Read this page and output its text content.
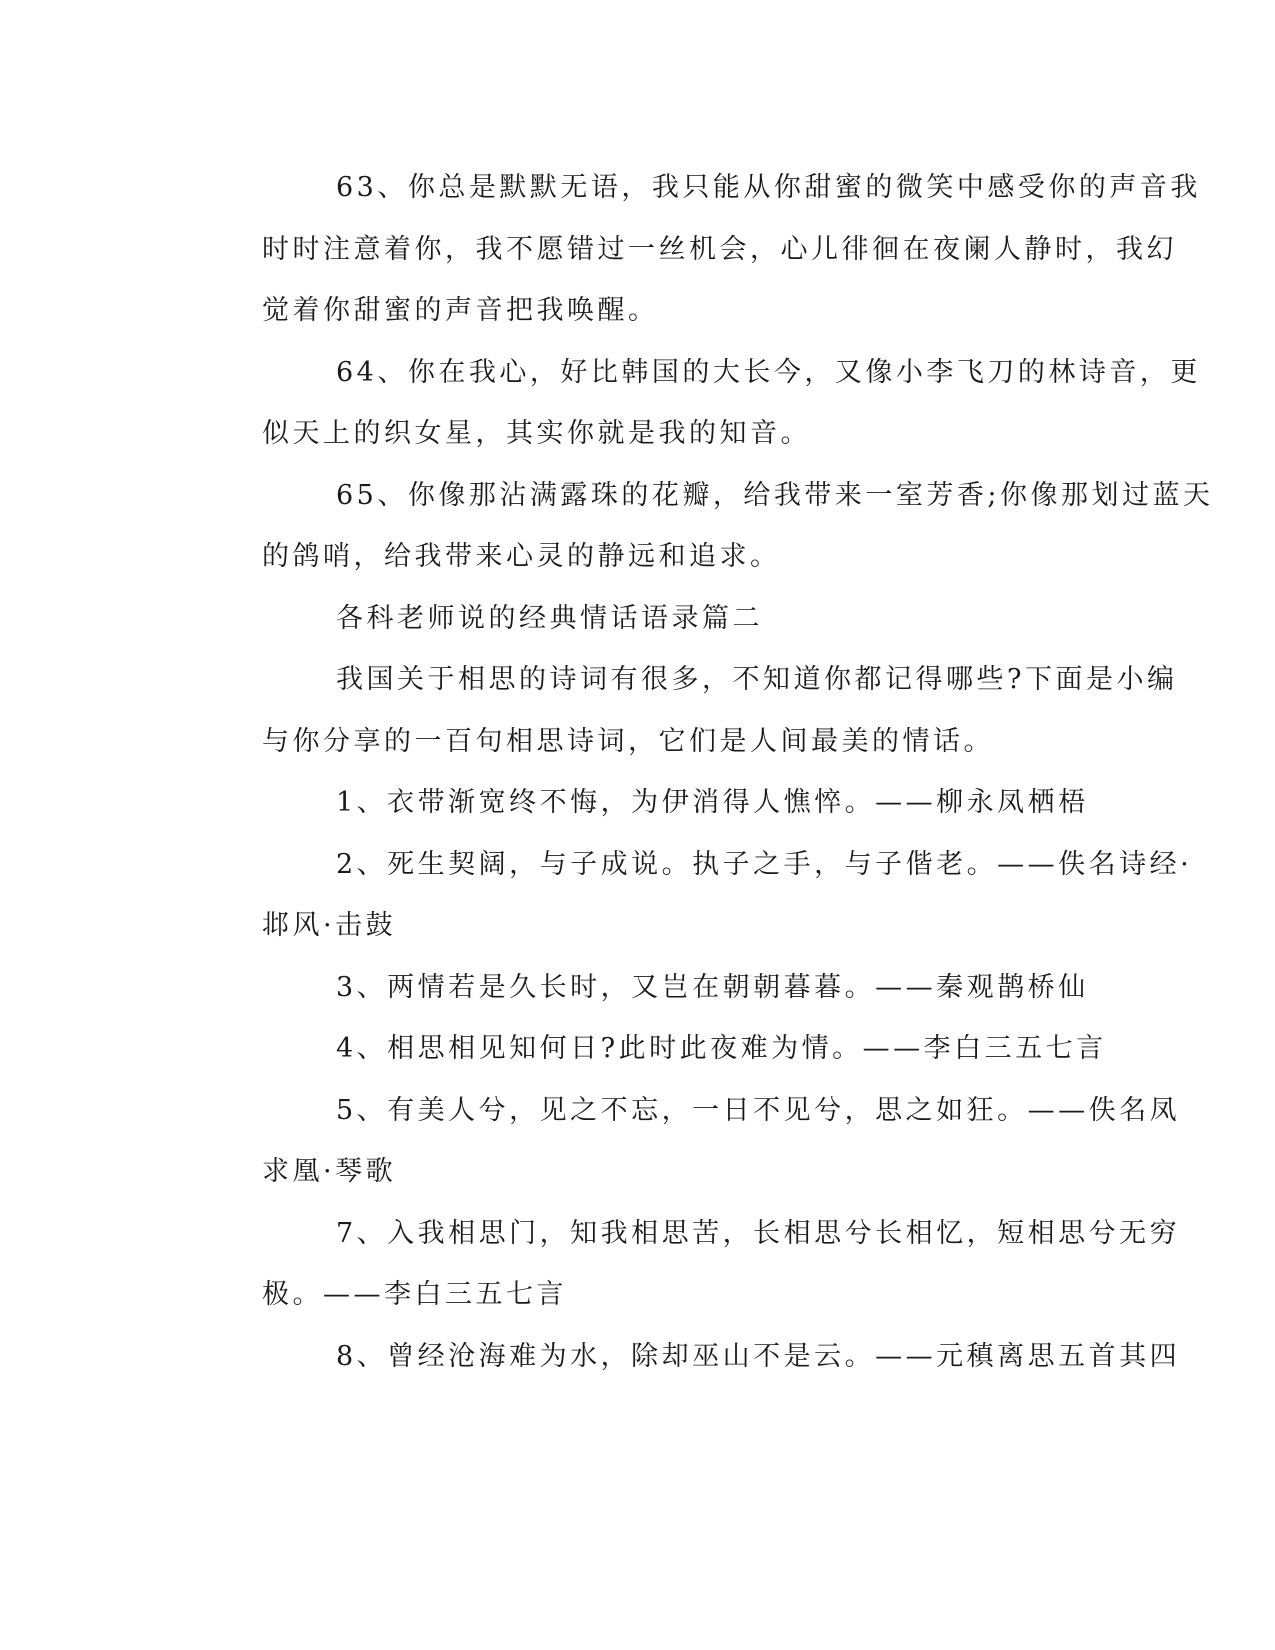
63、你总是默默无语，我只能从你甜蜜的微笑中感受你的声音我
时时注意着你，我不愿错过一丝机会，心儿徘徊在夜阑人静时，我幻
觉着你甜蜜的声音把我唤醒。
64、你在我心，好比韩国的大长今，又像小李飞刀的林诗音，更
似天上的织女星，其实你就是我的知音。
65、你像那沾满露珠的花瓣，给我带来一室芳香;你像那划过蓝天
的鸽哨，给我带来心灵的静远和追求。
各科老师说的经典情话语录篇二
我国关于相思的诗词有很多，不知道你都记得哪些?下面是小编
与你分享的一百句相思诗词，它们是人间最美的情话。
1、衣带渐宽终不悔，为伊消得人憔悴。——柳永凤栖梧
2、死生契阔，与子成说。执子之手，与子偕老。——佚名诗经·
邶风·击鼓
3、两情若是久长时，又岂在朝朝暮暮。——秦观鹊桥仙
4、相思相见知何日?此时此夜难为情。——李白三五七言
5、有美人兮，见之不忘，一日不见兮，思之如狂。——佚名凤
求凰·琴歌
7、入我相思门，知我相思苦，长相思兮长相忆，短相思兮无穷
极。——李白三五七言
8、曾经沧海难为水，除却巫山不是云。——元稹离思五首其四
